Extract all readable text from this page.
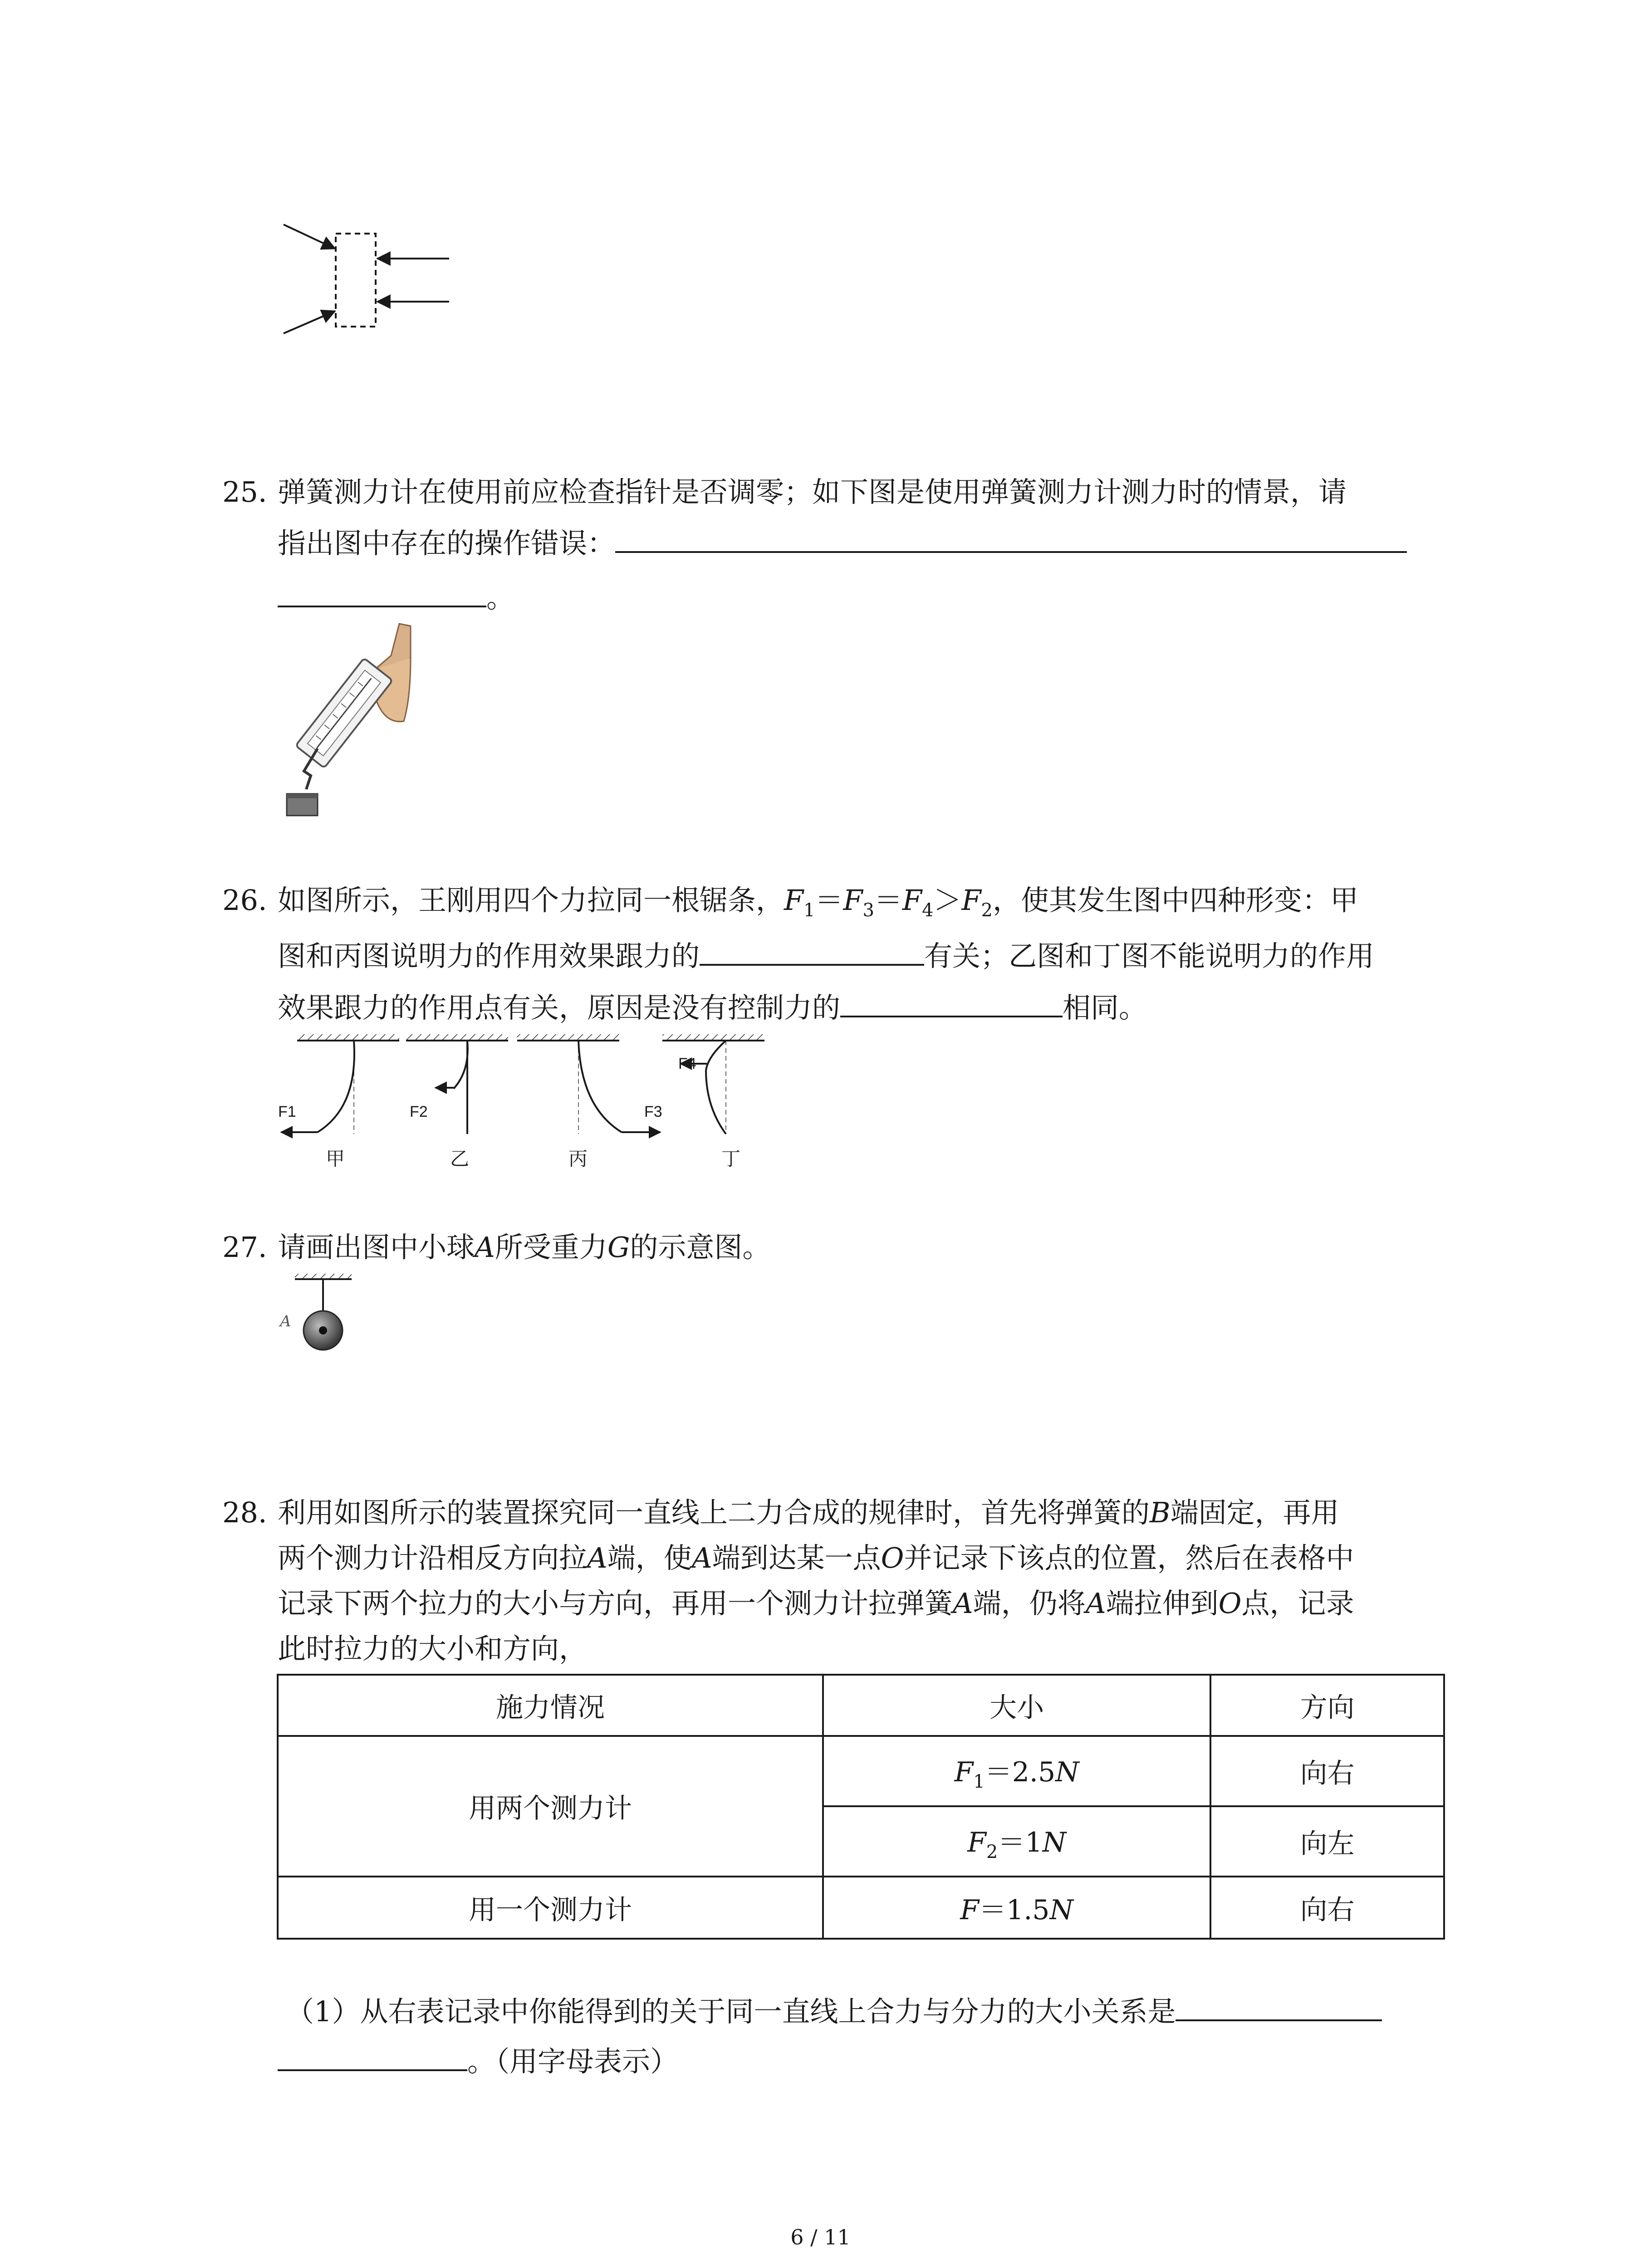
25. 弹簧测力计在使用前应检查指针是否调零；如下图是使用弹簧测力计测力时的情景，请
指出图中存在的操作错误：
。
26. 如图所示，王刚用四个力拉同一根锯条，$F_1=F_3=F_4>F_2$，使其发生图中四种形变：甲
图和丙图说明力的作用效果跟力的	有关；乙图和丁图不能说明力的作用
效果跟力的作用点有关，原因是没有控制力的	相同。
F1	F2	F3
F4
甲	乙	丙	丁
27. 请画出图中小球A所受重力G的示意图。
A
28. 利用如图所示的装置探究同一直线上二力合成的规律时，首先将弹簧的B端固定，再用
两个测力计沿相反方向拉A端，使A端到达某一点O并记录下该点的位置，然后在表格中
记录下两个拉力的大小与方向，再用一个测力计拉弹簧A端，仍将A端拉伸到O点，记录
此时拉力的大小和方向，
施力情况	大小	方向
用两个测力计	$F_1=2.5N$	向右
	$F_2=1N$	向左
用一个测力计	F＝1.5N	向右
（1）从右表记录中你能得到的关于同一直线上合力与分力的大小关系是
。（用字母表示）
6 / 11
